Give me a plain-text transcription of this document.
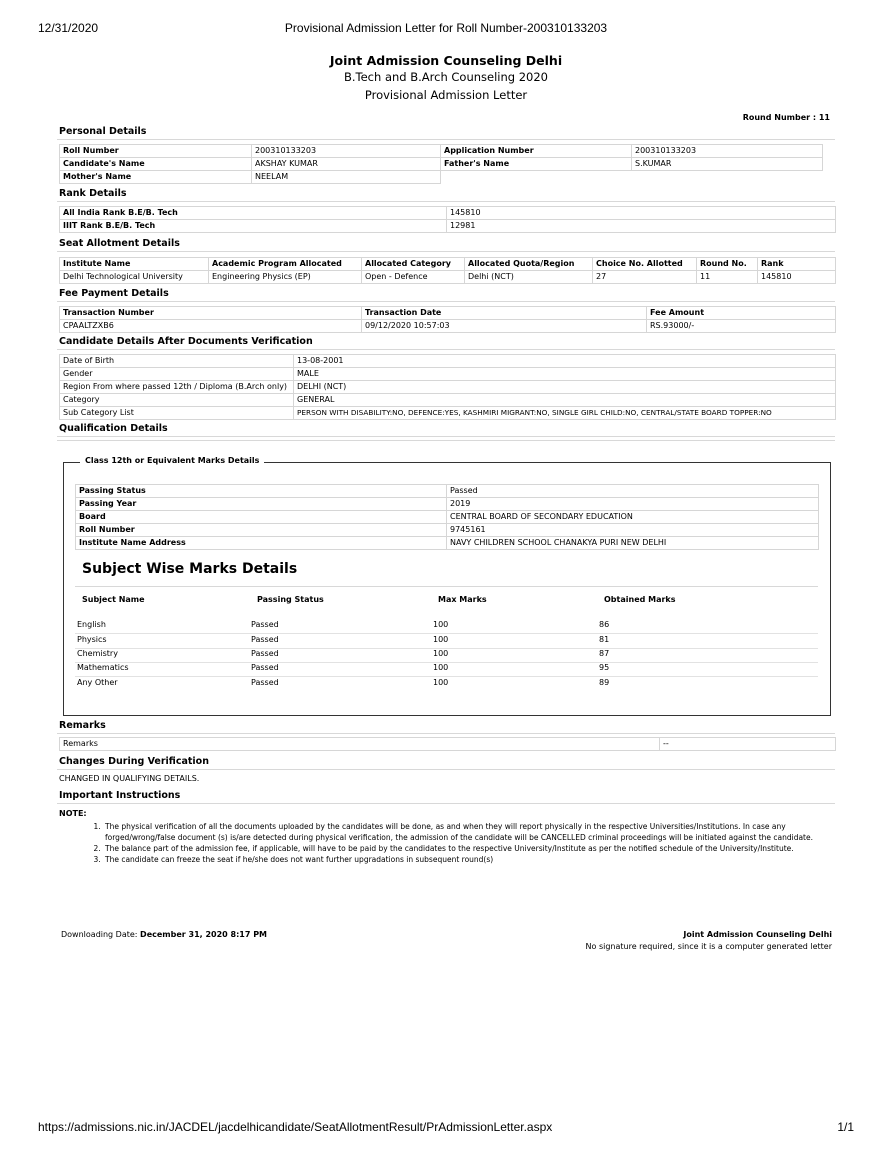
12/31/2020	Provisional Admission Letter for Roll Number-200310133203
https://admissions.nic.in/JACDEL/jacdelhicandidate/SeatAllotmentResult/PrAdmissionLetter.aspx	1/1
Joint Admission Counseling Delhi
B.Tech and B.Arch Counseling 2020
Provisional Admission Letter
Round Number : 11
Personal Details
Roll Number	200310133203	Application Number	200310133203
Candidate's Name	AKSHAY KUMAR	Father's Name	S.KUMAR
Mother's Name	NEELAM		
Rank Details
All India Rank B.E/B. Tech	145810
IIIT Rank B.E/B. Tech	12981
Seat Allotment Details
Institute Name	Academic Program Allocated	Allocated Category	Allocated Quota/Region	Choice No. Allotted	Round No.	Rank
Delhi Technological University	Engineering Physics (EP)	Open - Defence	Delhi (NCT)	27	11	145810
Fee Payment Details
Transaction Number	Transaction Date	Fee Amount
CPAALTZXB6	09/12/2020 10:57:03	RS.93000/-
Candidate Details After Documents Verification
Date of Birth	13-08-2001
Gender	MALE
Region From where passed 12th / Diploma (B.Arch only)	DELHI (NCT)
Category	GENERAL
Sub Category List	PERSON WITH DISABILITY:NO, DEFENCE:YES, KASHMIRI MIGRANT:NO, SINGLE GIRL CHILD:NO, CENTRAL/STATE BOARD TOPPER:NO
Qualification Details
Class 12th or Equivalent Marks Details
Passing Status	Passed
Passing Year	2019
Board	CENTRAL BOARD OF SECONDARY EDUCATION
Roll Number	9745161
Institute Name Address	NAVY CHILDREN SCHOOL CHANAKYA PURI NEW DELHI
Subject Wise Marks Details
Subject Name	Passing Status	Max Marks	Obtained Marks
English	Passed	100	86
Physics	Passed	100	81
Chemistry	Passed	100	87
Mathematics	Passed	100	95
Any Other	Passed	100	89
Remarks
Remarks	--
Changes During Verification
CHANGED IN QUALIFYING DETAILS.
Important Instructions
NOTE:
1. The physical verification of all the documents uploaded by the candidates will be done, as and when they will report physically in the respective Universities/Institutions. In case any forged/wrong/false document (s) is/are detected during physical verification, the admission of the candidate will be CANCELLED criminal proceedings will be initiated against the candidate.
2. The balance part of the admission fee, if applicable, will have to be paid by the candidates to the respective University/Institute as per the notified schedule of the University/Institute.
3. The candidate can freeze the seat if he/she does not want further upgradations in subsequent round(s)
Downloading Date: December 31, 2020 8:17 PM	Joint Admission Counseling Delhi
No signature required, since it is a computer generated letter
